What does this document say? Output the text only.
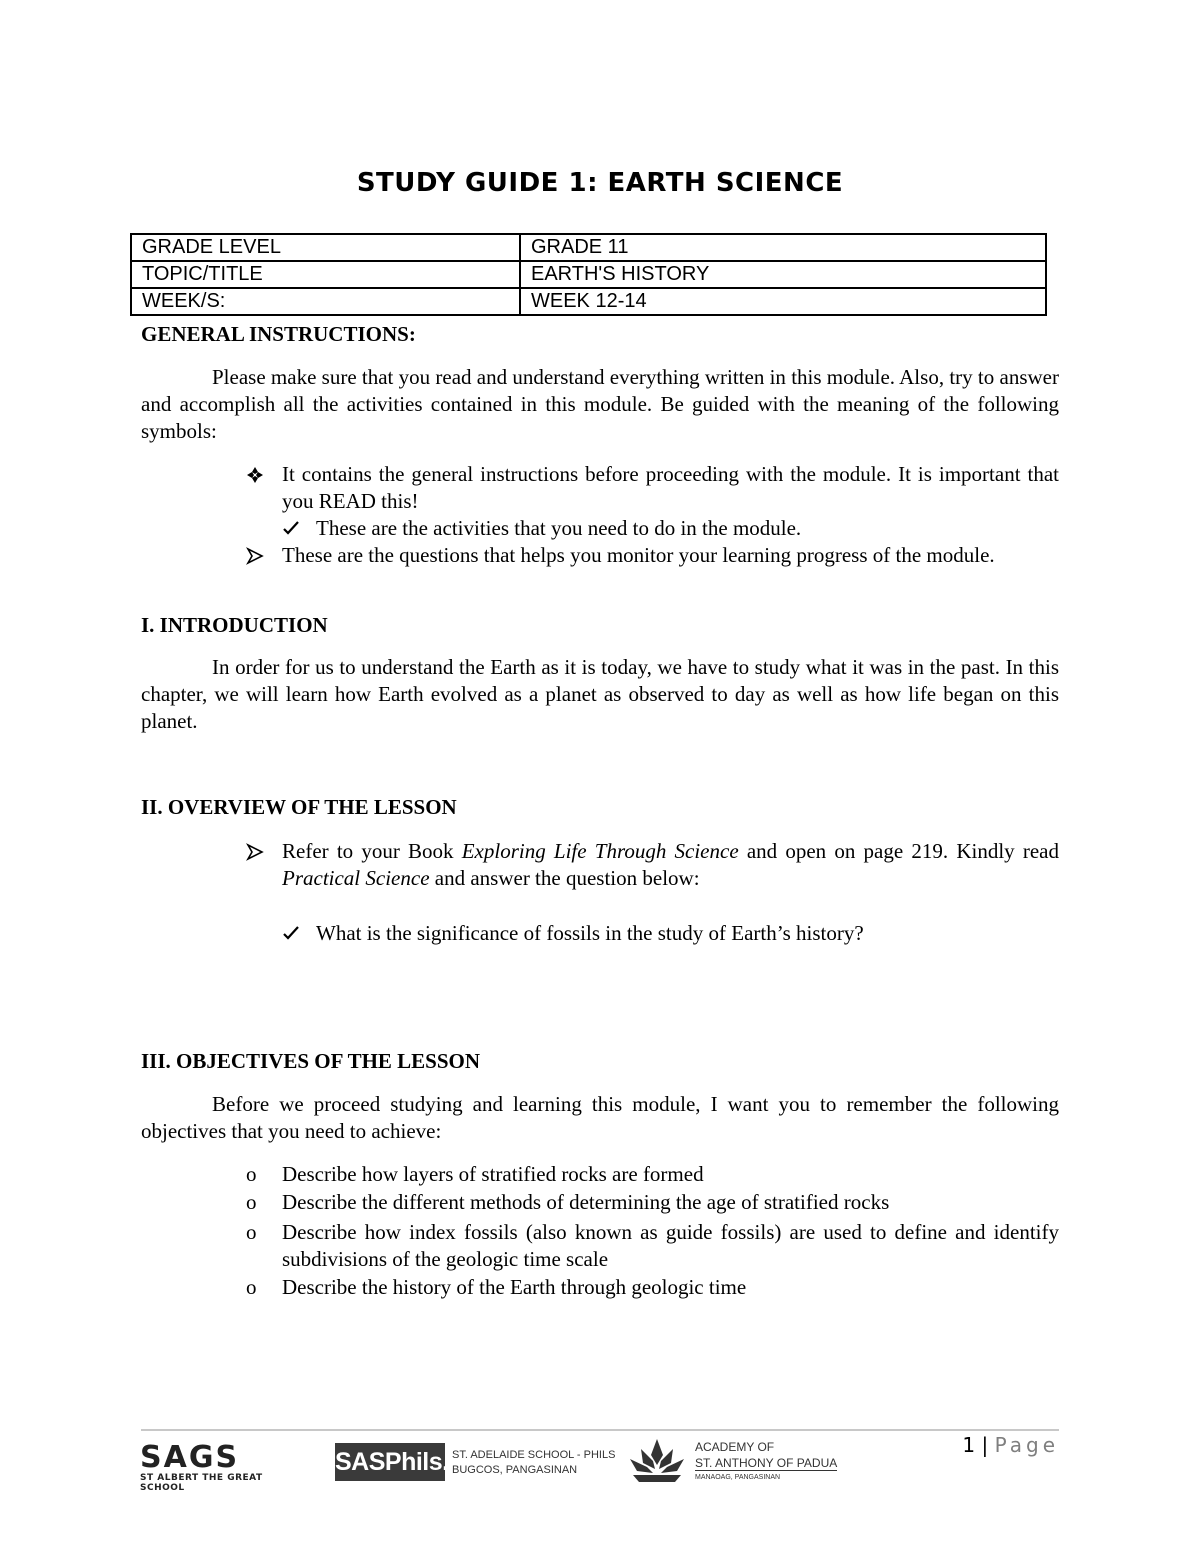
STUDY GUIDE 1: EARTH SCIENCE
GRADE LEVEL	GRADE 11
TOPIC/TITLE	EARTH'S HISTORY
WEEK/S:	WEEK 12-14
GENERAL INSTRUCTIONS:

Please make sure that you read and understand everything written in this module. Also, try to answer and accomplish all the activities contained in this module. Be guided with the meaning of the following symbols:

It contains the general instructions before proceeding with the module. It is important that you READ this!
These are the activities that you need to do in the module.
These are the questions that helps you monitor your learning progress of the module.
I. INTRODUCTION

In order for us to understand the Earth as it is today, we have to study what it was in the past. In this chapter, we will learn how Earth evolved as a planet as observed to day as well as how life began on this planet.

II. OVERVIEW OF THE LESSON
Refer to your Book Exploring Life Through Science and open on page 219. Kindly read Practical Science and answer the question below:
What is the significance of fossils in the study of Earth’s history?
III. OBJECTIVES OF THE LESSON

Before we proceed studying and learning this module, I want you to remember the following objectives that you need to achieve:

o	Describe how layers of stratified rocks are formed
o	Describe the different methods of determining the age of stratified rocks
o	Describe how index fossils (also known as guide fossils) are used to define and identify subdivisions of the geologic time scale
o	Describe the history of the Earth through geologic time
1 | Page
SAGS
ST ALBERT THE GREAT SCHOOL
SASPhils. ST. ADELAIDE SCHOOL - PHILS
BUGCOS, PANGASINAN
ACADEMY OF
ST. ANTHONY OF PADUA
MANAOAG, PANGASINAN
